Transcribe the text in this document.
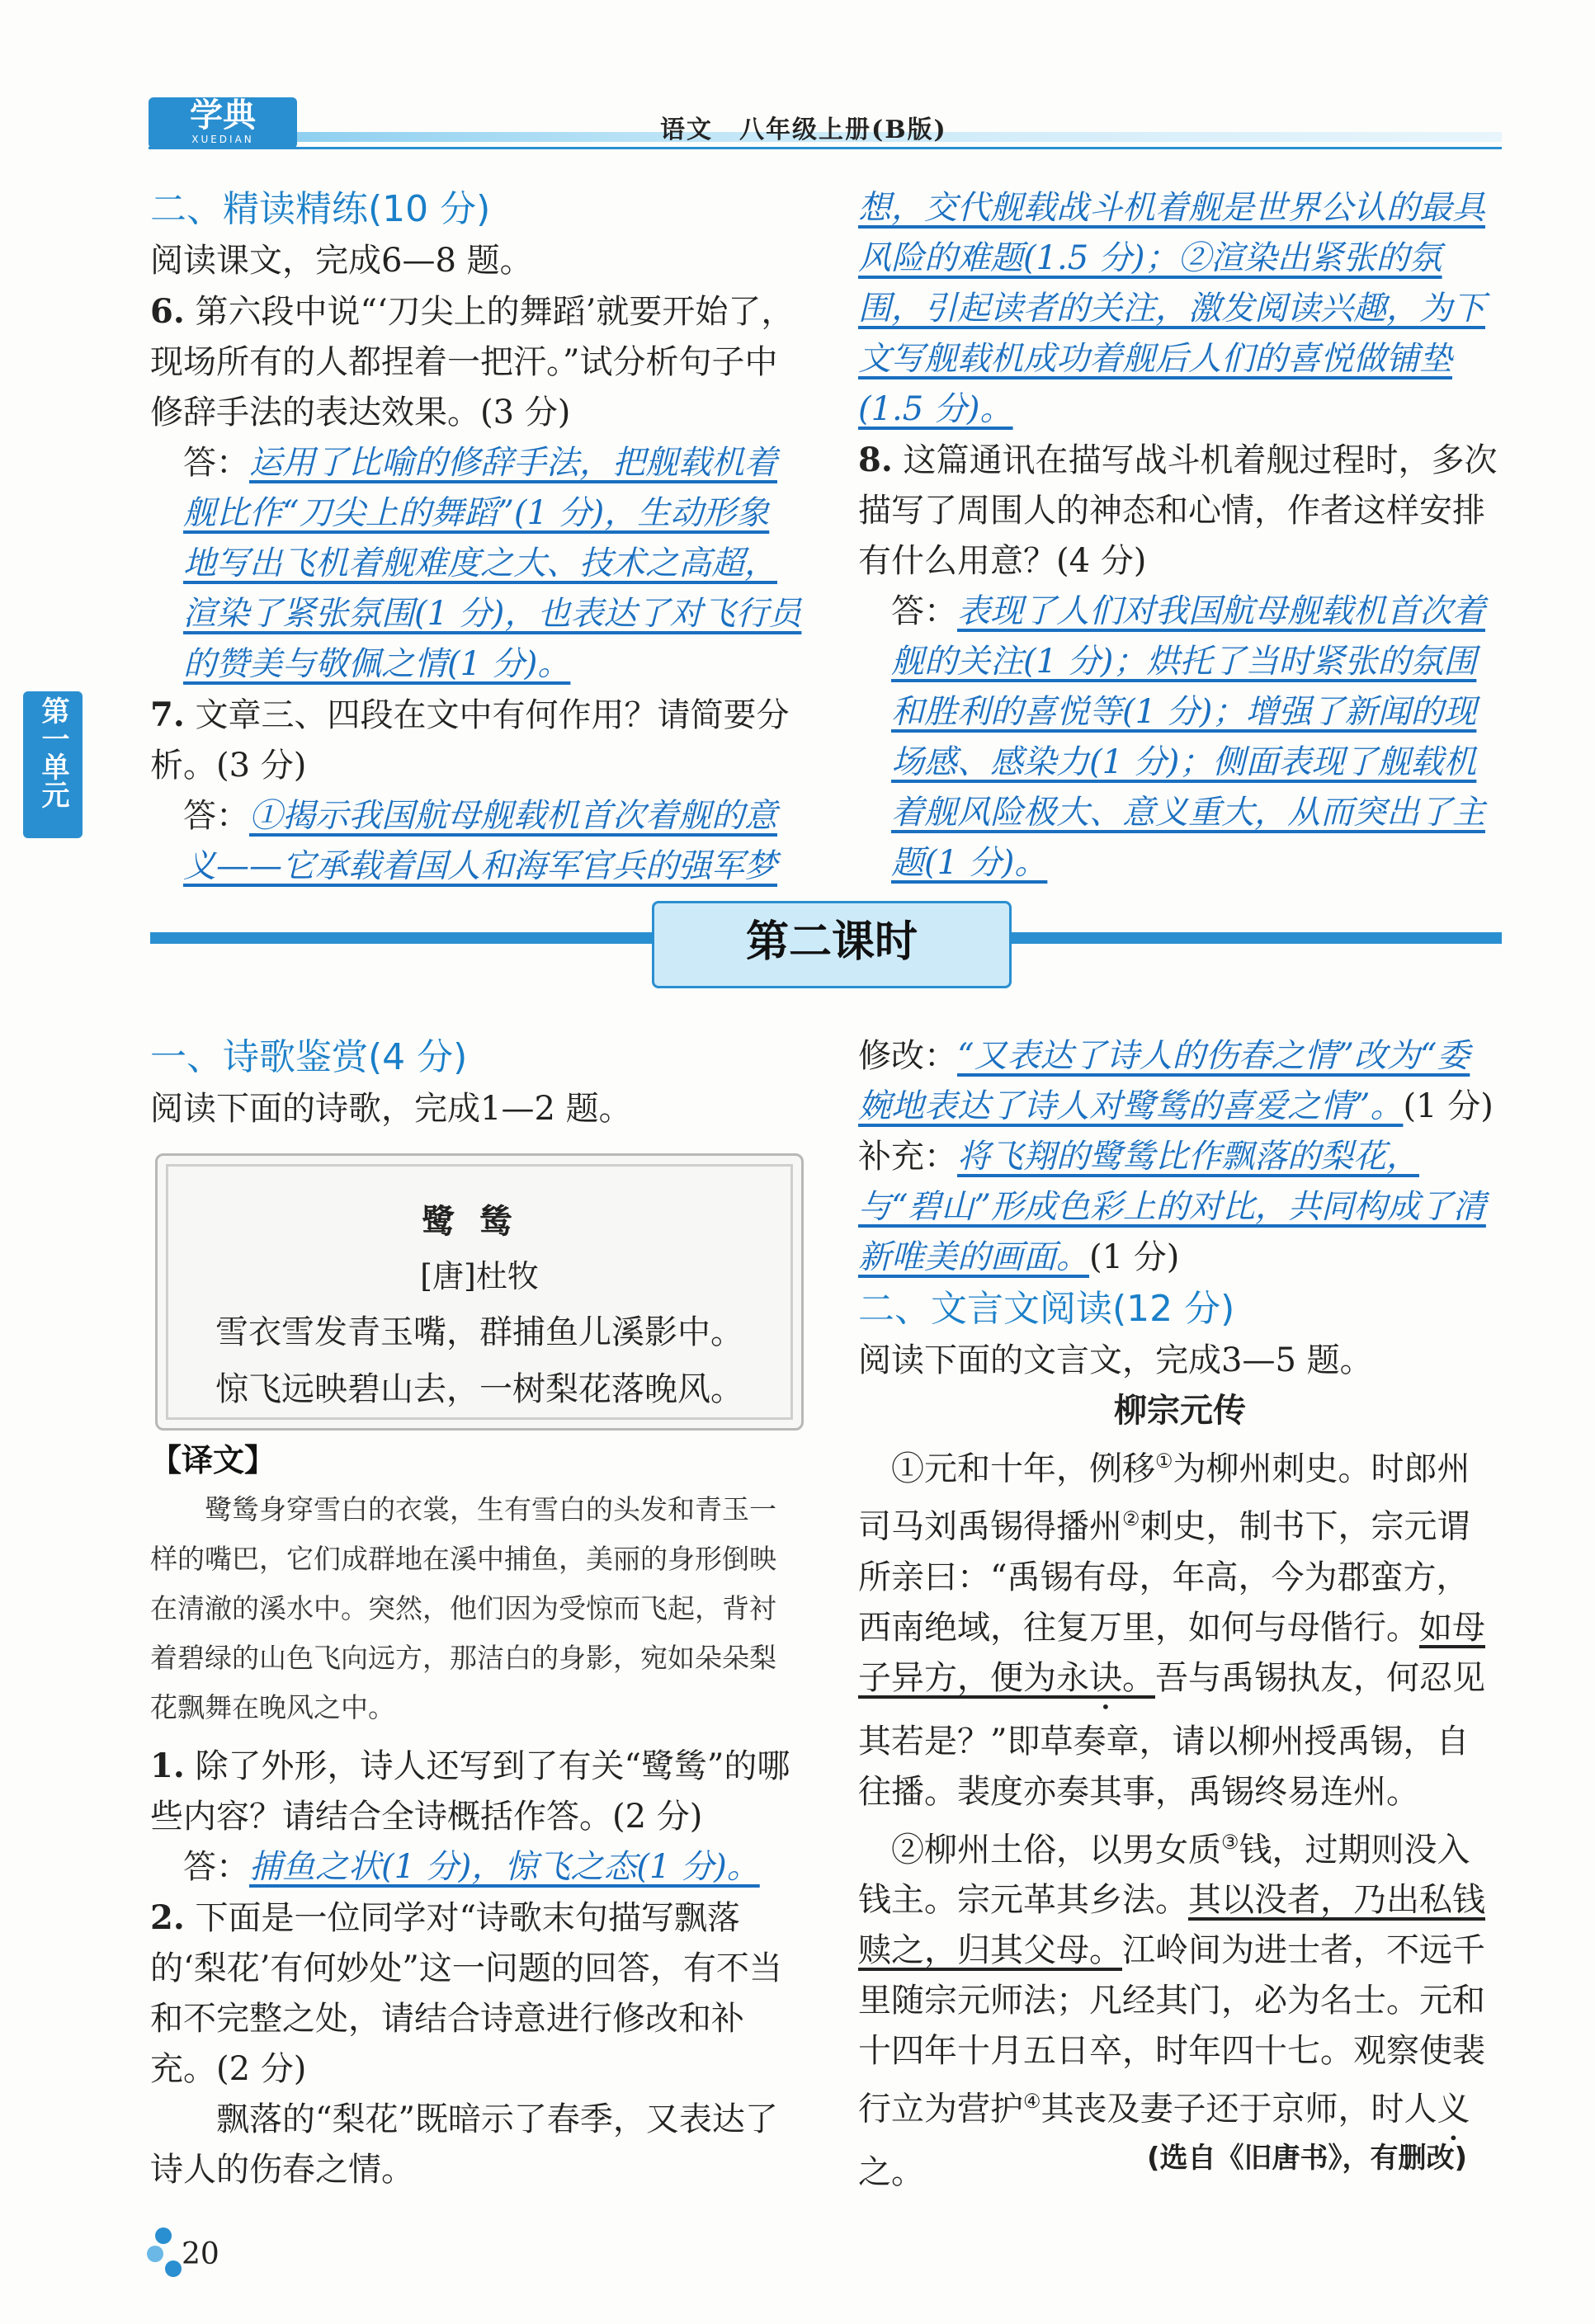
学典
XUEDIAN	语文　八年级上册(B版)
第一单元

二、精读精练(10 分)

阅读课文，完成6—8 题。

6. 第六段中说“‘刀尖上的舞蹈’就要开始了，现场所有的人都捏着一把汗。”试分析句子中修辞手法的表达效果。(3 分)

答：运用了比喻的修辞手法，把舰载机着舰比作“刀尖上的舞蹈”(1 分)，生动形象地写出飞机着舰难度之大、技术之高超，渲染了紧张氛围(1 分)，也表达了对飞行员的赞美与敬佩之情(1 分)。

7. 文章三、四段在文中有何作用？请简要分析。(3 分)

答：①揭示我国航母舰载机首次着舰的意义——它承载着国人和海军官兵的强军梦

想，交代舰载战斗机着舰是世界公认的最具风险的难题(1.5 分)；②渲染出紧张的氛围，引起读者的关注，激发阅读兴趣，为下文写舰载机成功着舰后人们的喜悦做铺垫(1.5 分)。

8. 这篇通讯在描写战斗机着舰过程时，多次描写了周围人的神态和心情，作者这样安排有什么用意？(4 分)

答：表现了人们对我国航母舰载机首次着舰的关注(1 分)；烘托了当时紧张的氛围和胜利的喜悦等(1 分)；增强了新闻的现场感、感染力(1 分)；侧面表现了舰载机着舰风险极大、意义重大，从而突出了主题(1 分)。

第二课时

一、诗歌鉴赏(4 分)

阅读下面的诗歌，完成1—2 题。

鹭鸶
[唐]杜牧
雪衣雪发青玉嘴，群捕鱼儿溪影中。
惊飞远映碧山去，一树梨花落晚风。
【译文】
鹭鸶身穿雪白的衣裳，生有雪白的头发和青玉一样的嘴巴，它们成群地在溪中捕鱼，美丽的身形倒映在清澈的溪水中。突然，他们因为受惊而飞起，背衬着碧绿的山色飞向远方，那洁白的身影，宛如朵朵梨花飘舞在晚风之中。

1. 除了外形，诗人还写到了有关“鹭鸶”的哪些内容？请结合全诗概括作答。(2 分)

答：捕鱼之状(1 分)，惊飞之态(1 分)。

2. 下面是一位同学对“诗歌末句描写飘落的‘梨花’有何妙处”这一问题的回答，有不当和不完整之处，请结合诗意进行修改和补充。(2 分)

飘落的“梨花”既暗示了春季，又表达了诗人的伤春之情。

修改：“又表达了诗人的伤春之情”改为“委婉地表达了诗人对鹭鸶的喜爱之情”。(1 分)

补充：将飞翔的鹭鸶比作飘落的梨花，与“碧山”形成色彩上的对比，共同构成了清新唯美的画面。(1 分)

二、文言文阅读(12 分)

阅读下面的文言文，完成3—5 题。

柳宗元传

①元和十年，例移①为柳州刺史。时郎州司马刘禹锡得播州②刺史，制书下，宗元谓所亲曰：“禹锡有母，年高，今为郡蛮方，西南绝域，往复万里，如何与母偕行。如母子异方，便为永诀。吾与禹锡执友，何忍见其若是？”即草奏章，请以柳州授禹锡，自往播。裴度亦奏其事，禹锡终易连州。

②柳州土俗，以男女质③钱，过期则没入钱主。宗元革其乡法。其以没者，乃出私钱赎之，归其父母。江岭间为进士者，不远千里随宗元师法；凡经其门，必为名士。元和十四年十月五日卒，时年四十七。观察使裴行立为营护④其丧及妻子还于京师，时人义之。	(选自《旧唐书》，有删改)
20
